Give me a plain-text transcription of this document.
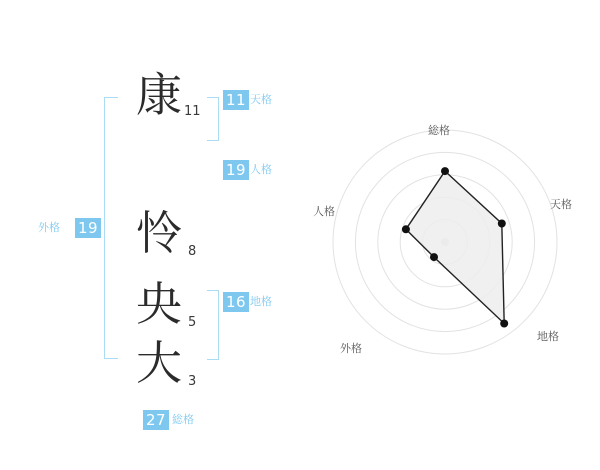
康 11
怜 8
央 5
大 3
11 天格
19 人格
16 地格
外格 19
27 総格
総格
天格
地格
外格
人格
